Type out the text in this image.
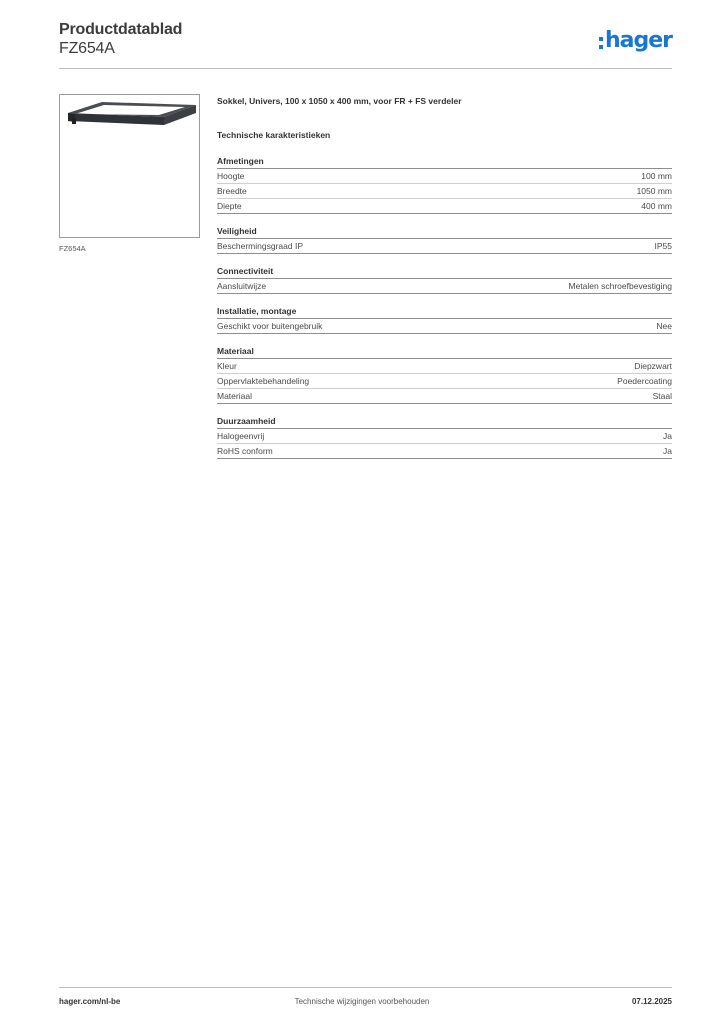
Productdatablad
FZ654A	hager
FZ654A
Sokkel, Univers, 100 x 1050 x 400 mm, voor FR + FS verdeler
Technische karakteristieken
Afmetingen
Hoogte	100 mm
Breedte	1050 mm
Diepte	400 mm
Veiligheid
Beschermingsgraad IP	IP55
Connectiviteit
Aansluitwijze	Metalen schroefbevestiging
Installatie, montage
Geschikt voor buitengebruik	Nee
Materiaal
Kleur	Diepzwart
Oppervlaktebehandeling	Poedercoating
Materiaal	Staal
Duurzaamheid
Halogeenvrij	Ja
RoHS conform	Ja
hager.com/nl-be	Technische wijzigingen voorbehouden	07.12.2025
